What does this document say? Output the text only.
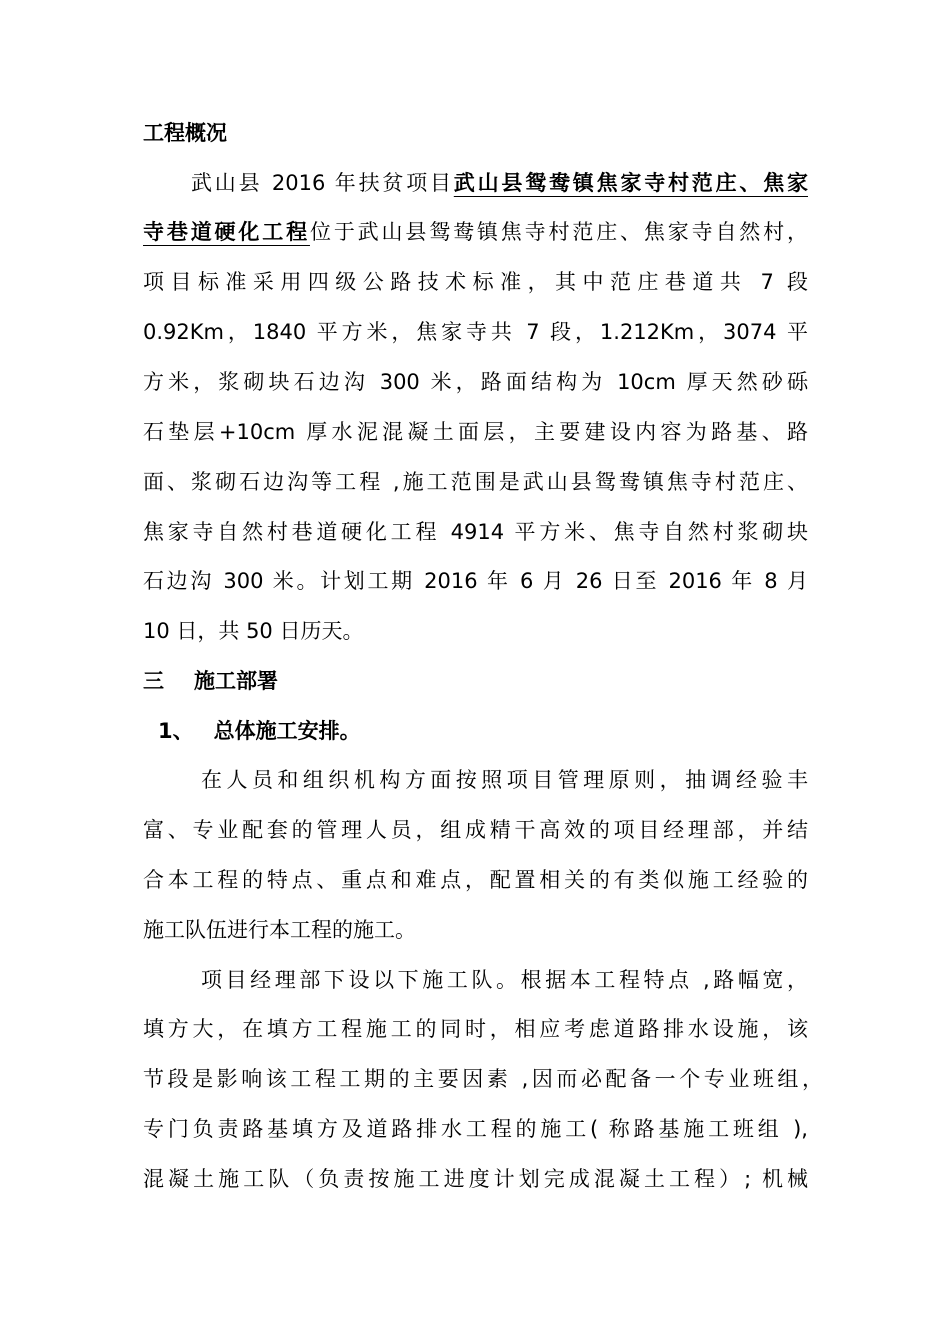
工程概况
武山县 2016 年扶贫项目武山县鸳鸯镇焦家寺村范庄、焦家
寺巷道硬化工程位于武山县鸳鸯镇焦寺村范庄、焦家寺自然村，
项目标准采用四级公路技术标准，其中范庄巷道共 7 段
0.92Km，1840 平方米，焦家寺共 7 段，1.212Km，3074 平
方米，浆砌块石边沟 300 米，路面结构为 10cm 厚天然砂砾
石垫层+10cm 厚水泥混凝土面层，主要建设内容为路基、路
面、浆砌石边沟等工程 ,施工范围是武山县鸳鸯镇焦寺村范庄、
焦家寺自然村巷道硬化工程 4914 平方米、焦寺自然村浆砌块
石边沟 300 米。计划工期 2016 年 6 月 26 日至 2016 年 8 月
10 日，共 50 日历天。
三 施工部署
1、 总体施工安排。
在人员和组织机构方面按照项目管理原则，抽调经验丰
富、专业配套的管理人员，组成精干高效的项目经理部，并结
合本工程的特点、重点和难点，配置相关的有类似施工经验的
施工队伍进行本工程的施工。
项目经理部下设以下施工队。根据本工程特点 ,路幅宽，
填方大，在填方工程施工的同时，相应考虑道路排水设施，该
节段是影响该工程工期的主要因素 ,因而必配备一个专业班组，
专门负责路基填方及道路排水工程的施工( 称路基施工班组 ),
混凝土施工队（负责按施工进度计划完成混凝土工程）; 机械
